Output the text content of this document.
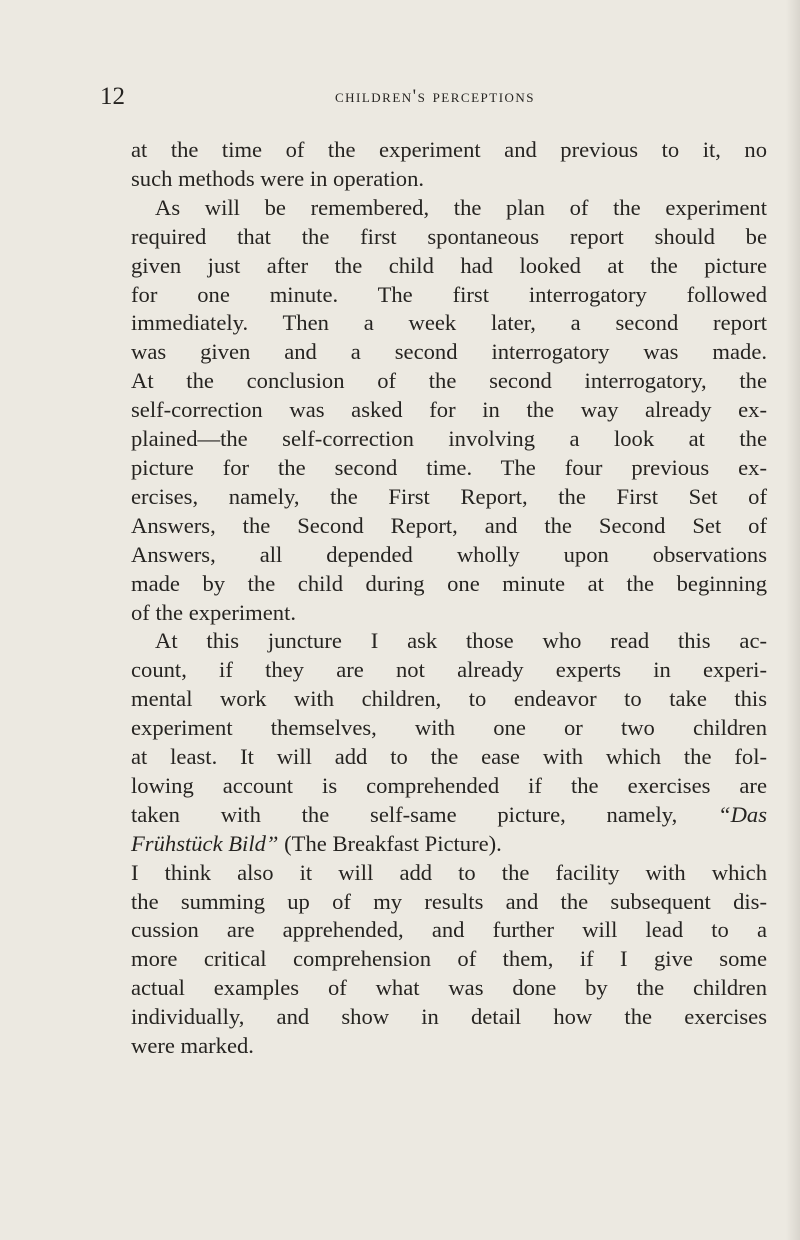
12	children's perceptions
at the time of the experiment and previous to it, no
such methods were in operation.
As will be remembered, the plan of the experiment
required that the first spontaneous report should be
given just after the child had looked at the picture
for one minute. The first interrogatory followed
immediately. Then a week later, a second report
was given and a second interrogatory was made.
At the conclusion of the second interrogatory, the
self-correction was asked for in the way already ex-
plained—the self-correction involving a look at the
picture for the second time. The four previous ex-
ercises, namely, the First Report, the First Set of
Answers, the Second Report, and the Second Set of
Answers, all depended wholly upon observations
made by the child during one minute at the beginning
of the experiment.
At this juncture I ask those who read this ac-
count, if they are not already experts in experi-
mental work with children, to endeavor to take this
experiment themselves, with one or two children
at least. It will add to the ease with which the fol-
lowing account is comprehended if the exercises are
taken with the self-same picture, namely, “Das
Frühstück Bild” (The Breakfast Picture).
I think also it will add to the facility with which
the summing up of my results and the subsequent dis-
cussion are apprehended, and further will lead to a
more critical comprehension of them, if I give some
actual examples of what was done by the children
individually, and show in detail how the exercises
were marked.
